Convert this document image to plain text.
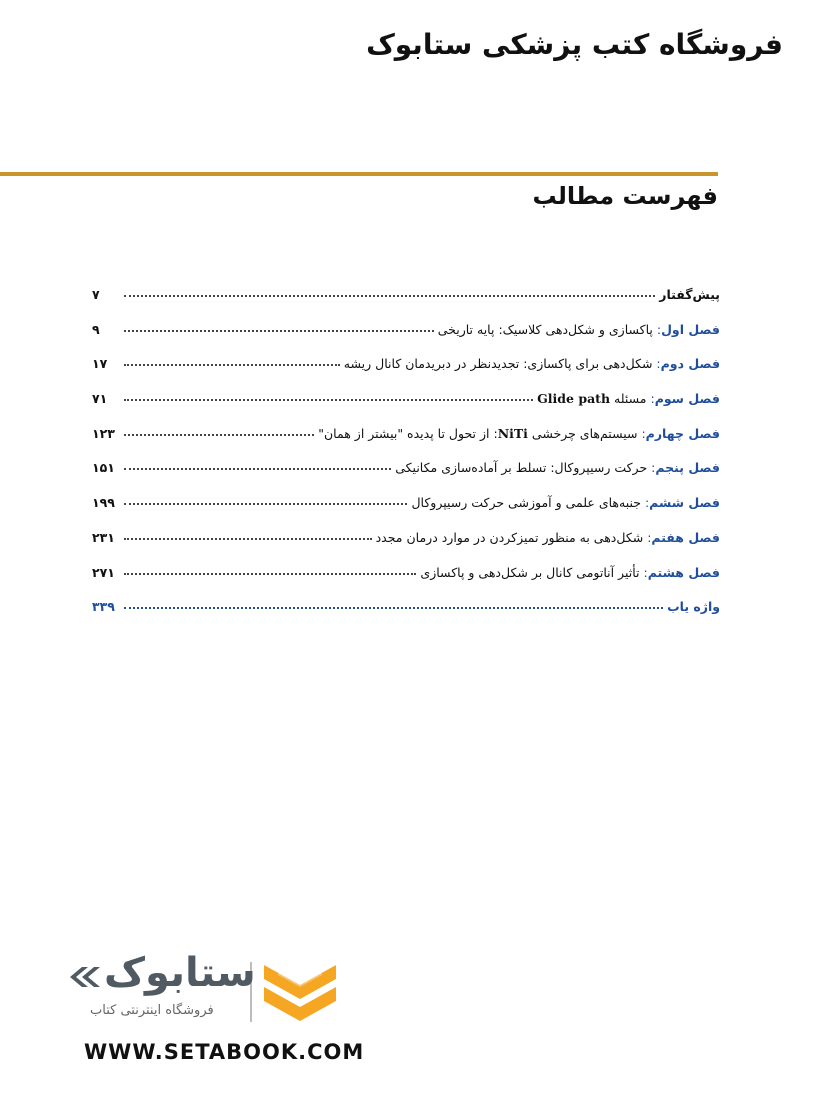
فروشگاه کتب پزشکی ستابوک
فهرست مطالب
پیش‌گفتار
۷
فصل اول: پاکسازی و شکل‌دهی کلاسیک: پایه تاریخی
۹
فصل دوم: شکل‌دهی برای پاکسازی: تجدیدنظر در دبریدمان کانال ریشه
۱۷
فصل سوم: مسئله Glide path
۷۱
فصل چهارم: سیستم‌های چرخشی NiTi: از تحول تا پدیده "بیشتر از همان"
۱۲۳
فصل پنجم: حرکت رسیپروکال: تسلط بر آماده‌سازی مکانیکی
۱۵۱
فصل ششم: جنبه‌های علمی و آموزشی حرکت رسیپروکال
۱۹۹
فصل هفتم: شکل‌دهی به منظور تمیزکردن در موارد درمان مجدد
۲۳۱
فصل هشتم: تأثیر آناتومی کانال بر شکل‌دهی و پاکسازی
۲۷۱
واژه یاب
۳۳۹
ستابوک
فروشگاه اینترنتی کتاب
WWW.SETABOOK.COM
